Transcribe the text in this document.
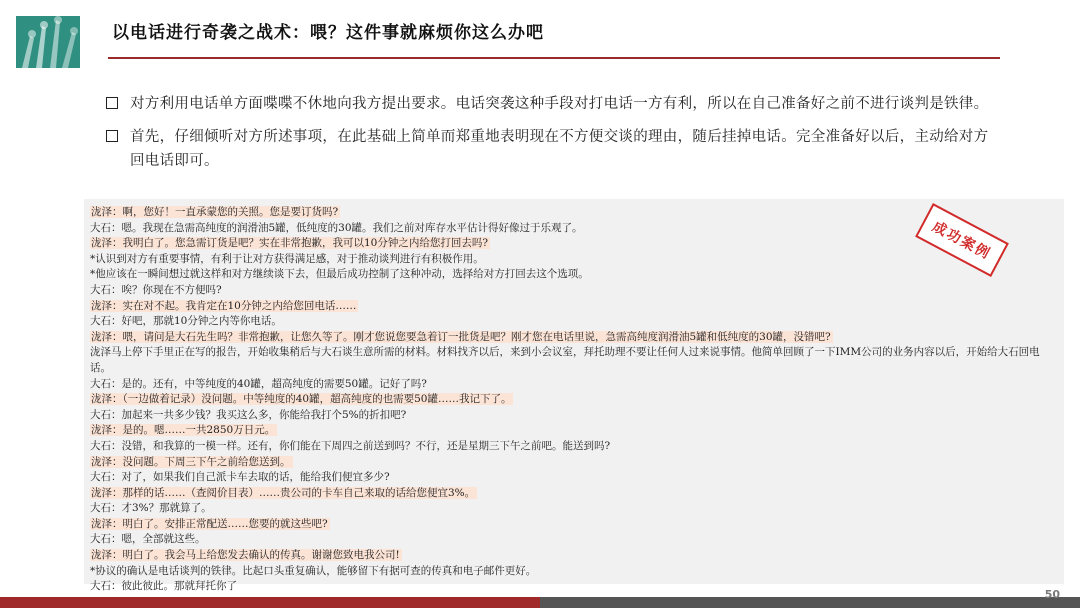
以电话进行奇袭之战术：喂？这件事就麻烦你这么办吧
对方利用电话单方面喋喋不休地向我方提出要求。电话突袭这种手段对打电话一方有利，所以在自己准备好之前不进行谈判是铁律。
首先，仔细倾听对方所述事项，在此基础上简单而郑重地表明现在不方便交谈的理由，随后挂掉电话。完全准备好以后，主动给对方回电话即可。
泷泽：啊，您好！一直承蒙您的关照。您是要订货吗?
大石：嗯。我现在急需高纯度的润滑油5罐，低纯度的30罐。我们之前对库存水平估计得好像过于乐观了。
泷泽：我明白了。您急需订货是吧？实在非常抱歉，我可以10分钟之内给您打回去吗?
*认识到对方有重要事情，有利于让对方获得满足感，对于推动谈判进行有积极作用。
*他应该在一瞬间想过就这样和对方继续谈下去，但最后成功控制了这种冲动，选择给对方打回去这个选项。
大石：唉？你现在不方便吗?
泷泽：实在对不起。我肯定在10分钟之内给您回电话……
大石：好吧，那就10分钟之内等你电话。
泷泽：喂，请问是大石先生吗？非常抱歉，让您久等了。刚才您说您要急着订一批货是吧？刚才您在电话里说，急需高纯度润滑油5罐和低纯度的30罐，没错吧?
泷泽马上停下手里正在写的报告，开始收集稍后与大石谈生意所需的材料。材料找齐以后，来到小会议室，拜托助理不要让任何人过来说事情。他简单回顾了一下IMM公司的业务内容以后，开始给大石回电话。
大石：是的。还有，中等纯度的40罐，超高纯度的需要50罐。记好了吗?
泷泽：（一边做着记录）没问题。中等纯度的40罐，超高纯度的也需要50罐……我记下了。
大石：加起来一共多少钱？我买这么多，你能给我打个5%的折扣吧?
泷泽：是的。嗯……一共2850万日元。
大石：没错，和我算的一模一样。还有，你们能在下周四之前送到吗？不行，还是星期三下午之前吧。能送到吗?
泷泽：没问题。下周三下午之前给您送到。
大石：对了，如果我们自己派卡车去取的话，能给我们便宜多少?
泷泽：那样的话……（查阅价目表）……贵公司的卡车自己来取的话给您便宜3%。
大石：才3%？那就算了。
泷泽：明白了。安排正常配送……您要的就这些吧?
大石：嗯，全部就这些。
泷泽：明白了。我会马上给您发去确认的传真。谢谢您致电我公司!
*协议的确认是电话谈判的铁律。比起口头重复确认，能够留下有据可查的传真和电子邮件更好。
大石：彼此彼此。那就拜托你了
成功案例
50
